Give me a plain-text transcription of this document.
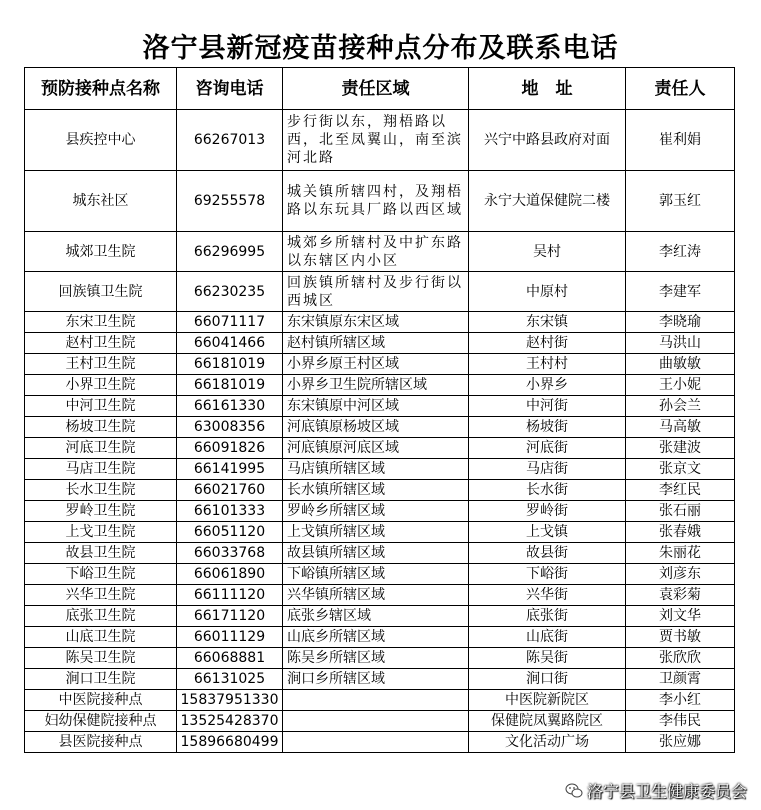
洛宁县新冠疫苗接种点分布及联系电话
预防接种点名称	咨询电话	责任区域	地　址	责任人
县疾控中心	66267013	步行街以东，翔梧路以西，北至凤翼山，南至滨河北路	兴宁中路县政府对面	崔利娟
城东社区	69255578	城关镇所辖四村，及翔梧路以东玩具厂路以西区域	永宁大道保健院二楼	郭玉红
城郊卫生院	66296995	城郊乡所辖村及中扩东路以东辖区内小区	吴村	李红涛
回族镇卫生院	66230235	回族镇所辖村及步行街以西城区	中原村	李建军
东宋卫生院	66071117	东宋镇原东宋区域	东宋镇	李晓瑜
赵村卫生院	66041466	赵村镇所辖区域	赵村街	马洪山
王村卫生院	66181019	小界乡原王村区域	王村村	曲敏敏
小界卫生院	66181019	小界乡卫生院所辖区域	小界乡	王小妮
中河卫生院	66161330	东宋镇原中河区域	中河街	孙会兰
杨坡卫生院	63008356	河底镇原杨坡区域	杨坡街	马高敏
河底卫生院	66091826	河底镇原河底区域	河底街	张建波
马店卫生院	66141995	马店镇所辖区域	马店街	张京文
长水卫生院	66021760	长水镇所辖区域	长水街	李红民
罗岭卫生院	66101333	罗岭乡所辖区域	罗岭街	张石丽
上戈卫生院	66051120	上戈镇所辖区域	上戈镇	张春娥
故县卫生院	66033768	故县镇所辖区域	故县街	朱丽花
下峪卫生院	66061890	下峪镇所辖区域	下峪街	刘彦东
兴华卫生院	66111120	兴华镇所辖区域	兴华街	袁彩菊
底张卫生院	66171120	底张乡辖区域	底张街	刘文华
山底卫生院	66011129	山底乡所辖区域	山底街	贾书敏
陈吴卫生院	66068881	陈吴乡所辖区域	陈吴街	张欣欣
涧口卫生院	66131025	涧口乡所辖区域	涧口街	卫颜霄
中医院接种点	15837951330		中医院新院区	李小红
妇幼保健院接种点	13525428370		保健院凤翼路院区	李伟民
县医院接种点	15896680499		文化活动广场	张应娜
洛宁县卫生健康委员会
